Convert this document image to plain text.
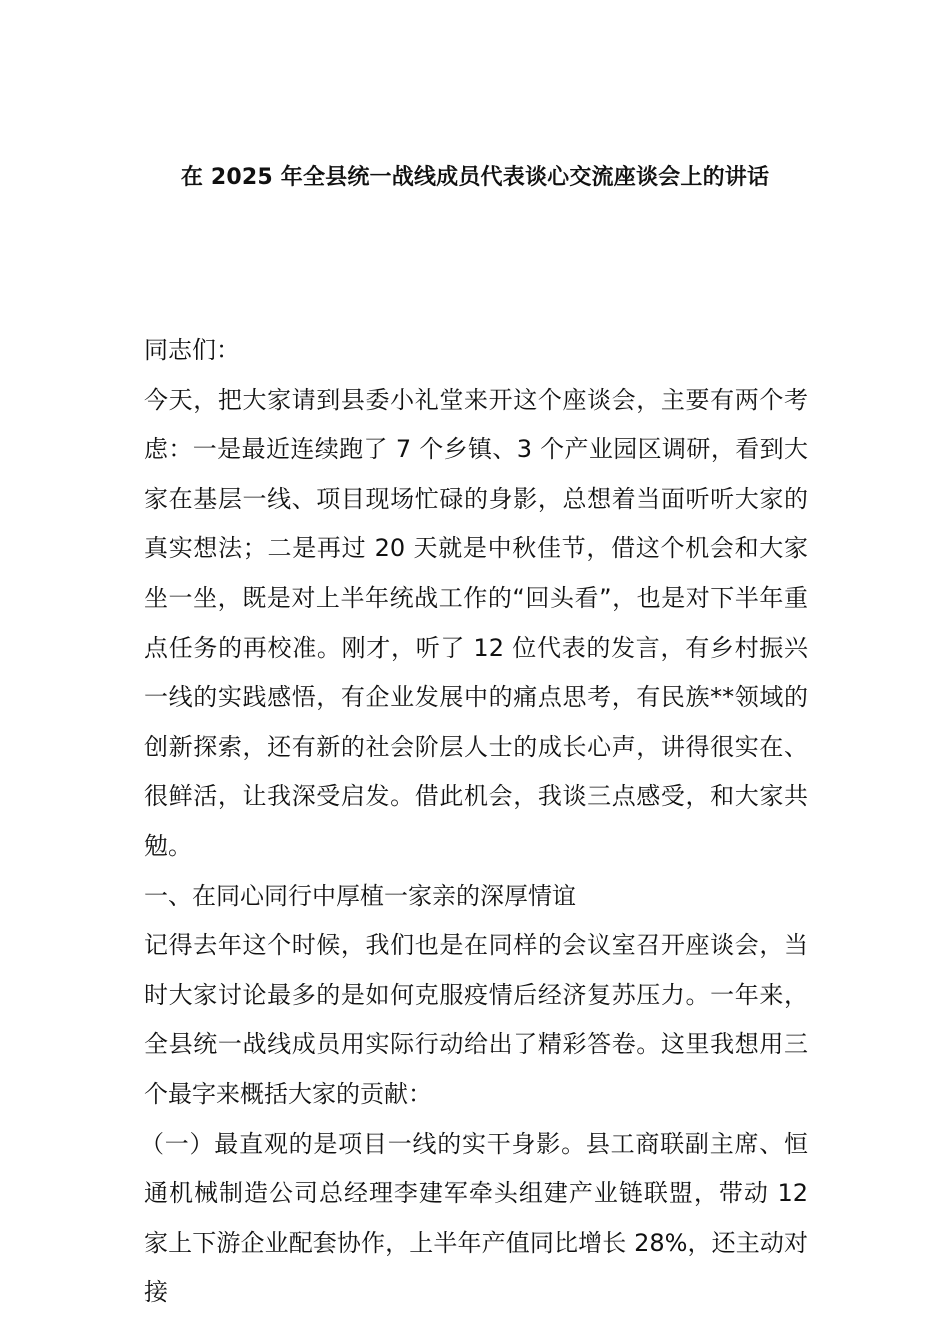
在 2025 年全县统一战线成员代表谈心交流座谈会上的讲话

同志们：

今天，把大家请到县委小礼堂来开这个座谈会，主要有两个考虑：一是最近连续跑了 7 个乡镇、3 个产业园区调研，看到大家在基层一线、项目现场忙碌的身影，总想着当面听听大家的真实想法；二是再过 20 天就是中秋佳节，借这个机会和大家坐一坐，既是对上半年统战工作的“回头看”，也是对下半年重点任务的再校准。刚才，听了 12 位代表的发言，有乡村振兴一线的实践感悟，有企业发展中的痛点思考，有民族**领域的创新探索，还有新的社会阶层人士的成长心声，讲得很实在、很鲜活，让我深受启发。借此机会，我谈三点感受，和大家共勉。

一、在同心同行中厚植一家亲的深厚情谊

记得去年这个时候，我们也是在同样的会议室召开座谈会，当时大家讨论最多的是如何克服疫情后经济复苏压力。一年来，全县统一战线成员用实际行动给出了精彩答卷。这里我想用三个最字来概括大家的贡献：

（一）最直观的是项目一线的实干身影。县工商联副主席、恒通机械制造公司总经理李建军牵头组建产业链联盟，带动 12 家上下游企业配套协作，上半年产值同比增长 28%，还主动对接
